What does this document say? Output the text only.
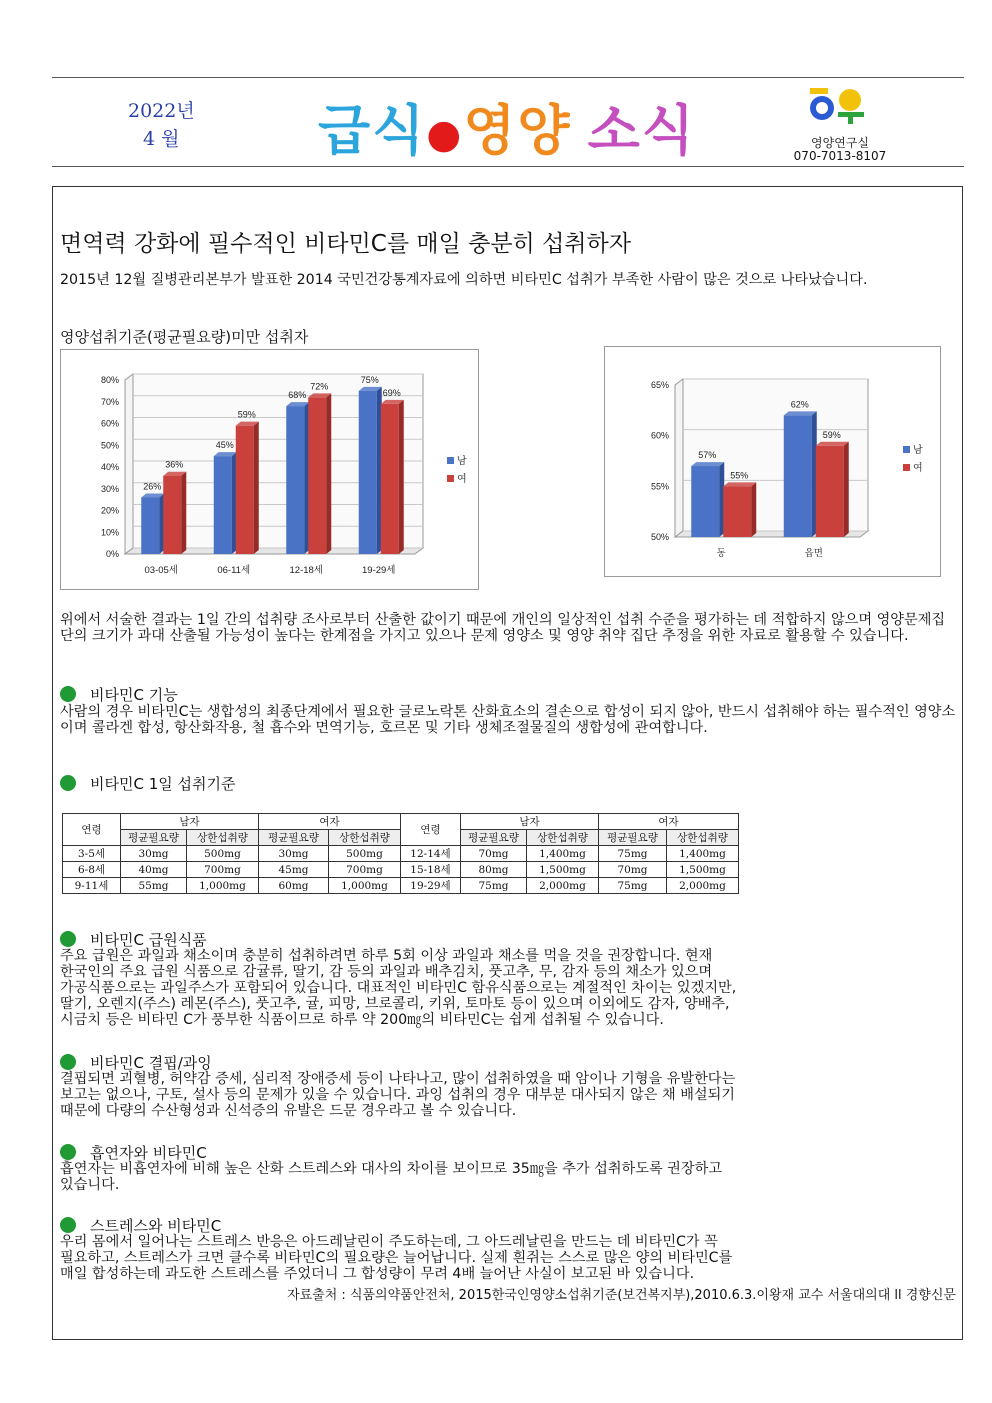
2022년
4 월	급식●영양 소식	하우
영양연구실
070-7013-8107
면역력 강화에 필수적인 비타민C를 매일 충분히 섭취하자
2015년 12월 질병관리본부가 발표한 2014 국민건강통계자료에 의하면 비타민C 섭취가 부족한 사람이 많은 것으로 나타났습니다.
영양섭취기준(평균필요량)미만 섭취자
0%
10%
20%
30%
40%
50%
60%
70%
80%
26%
36%
03-05세
45%
59%
06-11세
68%
72%
12-18세
75%
69%
19-29세
남
여
50%
55%
60%
65%
57%
55%
동
62%
59%
읍면
남
여
위에서 서술한 결과는 1일 간의 섭취량 조사로부터 산출한 값이기 때문에 개인의 일상적인 섭취 수준을 평가하는 데 적합하지 않으며 영양문제집단의 크기가 과대 산출될 가능성이 높다는 한계점을 가지고 있으나 문제 영양소 및 영양 취약 집단 추정을 위한 자료로 활용할 수 있습니다.
비타민C 기능
사람의 경우 비타민C는 생합성의 최종단계에서 필요한 글로노락톤 산화효소의 결손으로 합성이 되지 않아, 반드시 섭취해야 하는 필수적인 영양소이며 콜라겐 합성, 항산화작용, 철 흡수와 면역기능, 호르몬 및 기타 생체조절물질의 생합성에 관여합니다.
비타민C 1일 섭취기준
연령	남자		여자		연령	남자		여자	
	평균필요량	상한섭취량	평균필요량	상한섭취량		평균필요량	상한섭취량	평균필요량	상한섭취량
3-5세	30mg	500mg	30mg	500mg	12-14세	70mg	1,400mg	75mg	1,400mg
6-8세	40mg	700mg	45mg	700mg	15-18세	80mg	1,500mg	70mg	1,500mg
9-11세	55mg	1,000mg	60mg	1,000mg	19-29세	75mg	2,000mg	75mg	2,000mg
비타민C 급원식품
주요 급원은 과일과 채소이며 충분히 섭취하려면 하루 5회 이상 과일과 채소를 먹을 것을 권장합니다. 현재
한국인의 주요 급원 식품으로 감귤류, 딸기, 감 등의 과일과 배추김치, 풋고추, 무, 감자 등의 채소가 있으며
가공식품으로는 과일주스가 포함되어 있습니다. 대표적인 비타민C 함유식품으로는 계절적인 차이는 있겠지만,
딸기, 오렌지(주스) 레몬(주스), 풋고추, 귤, 피망, 브로콜리, 키위, 토마토 등이 있으며 이외에도 감자, 양배추,
시금치 등은 비타민 C가 풍부한 식품이므로 하루 약 200㎎의 비타민C는 쉽게 섭취될 수 있습니다.
비타민C 결핍/과잉
결핍되면 괴혈병, 허약감 증세, 심리적 장애증세 등이 나타나고, 많이 섭취하였을 때 암이나 기형을 유발한다는
보고는 없으나, 구토, 설사 등의 문제가 있을 수 있습니다. 과잉 섭취의 경우 대부분 대사되지 않은 채 배설되기
때문에 다량의 수산형성과 신석증의 유발은 드문 경우라고 볼 수 있습니다.
흡연자와 비타민C
흡연자는 비흡연자에 비해 높은 산화 스트레스와 대사의 차이를 보이므로 35㎎을 추가 섭취하도록 권장하고
있습니다.
스트레스와 비타민C
우리 몸에서 일어나는 스트레스 반응은 아드레날린이 주도하는데, 그 아드레날린을 만드는 데 비타민C가 꼭
필요하고, 스트레스가 크면 클수록 비타민C의 필요량은 늘어납니다. 실제 흰쥐는 스스로 많은 양의 비타민C를
매일 합성하는데 과도한 스트레스를 주었더니 그 합성량이 무려 4배 늘어난 사실이 보고된 바 있습니다.
자료출처 : 식품의약품안전처, 2015한국인영양소섭취기준(보건복지부),2010.6.3.이왕재 교수 서울대의대 ll 경향신문
